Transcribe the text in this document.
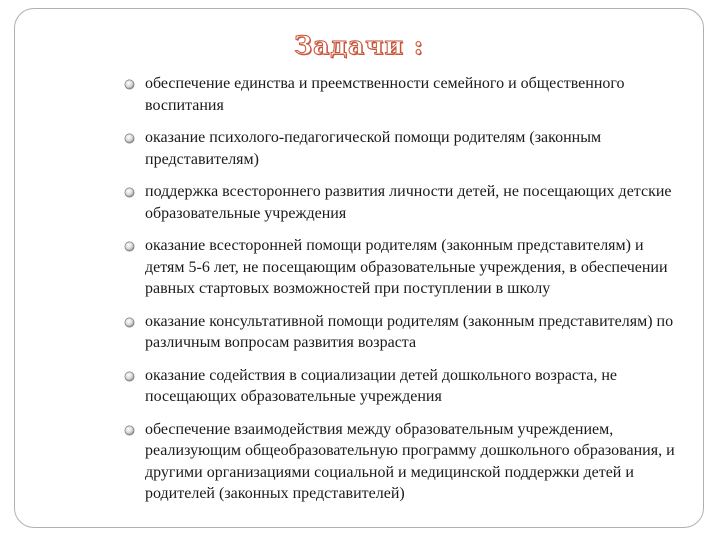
Задачи :
обеспечение единства и преемственности семейного и общественного воспитания
оказание психолого-педагогической помощи родителям (законным представителям)
поддержка всестороннего развития личности детей, не посещающих детские образовательные учреждения
оказание всесторонней помощи родителям (законным представителям) и детям 5-6 лет, не посещающим образовательные учреждения, в обеспечении равных стартовых возможностей при поступлении в школу
оказание консультативной помощи родителям (законным представителям) по различным вопросам развития возраста
оказание содействия в социализации детей дошкольного возраста, не посещающих образовательные учреждения
обеспечение взаимодействия между образовательным учреждением, реализующим общеобразовательную программу дошкольного образования, и другими организациями социальной и медицинской поддержки детей и родителей (законных представителей)
